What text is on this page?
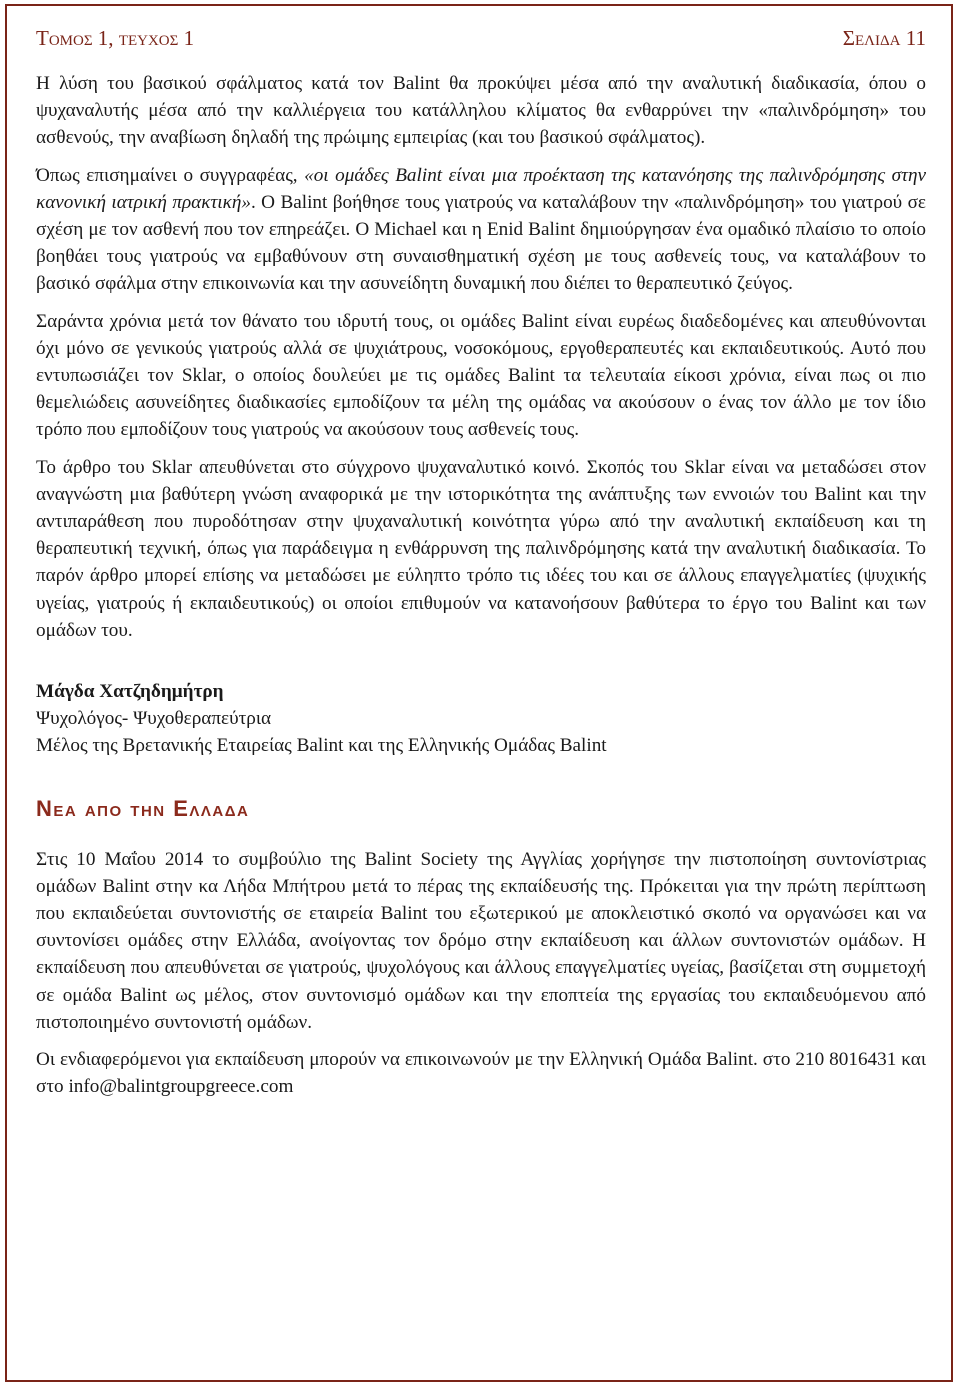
Τομος 1, τευχος 1	Σελιδα 11

Η λύση του βασικού σφάλματος κατά τον Balint θα προκύψει μέσα από την αναλυτική διαδικασία, όπου ο ψυχαναλυτής μέσα από την καλλιέργεια του κατάλληλου κλίματος θα ενθαρρύνει την «παλινδρόμηση» του ασθενούς, την αναβίωση δηλαδή της πρώιμης εμπειρίας (και του βασικού σφάλματος).

Όπως επισημαίνει ο συγγραφέας, «οι ομάδες Balint είναι μια προέκταση της κατανόησης της παλινδρόμησης στην κανονική ιατρική πρακτική». Ο Balint βοήθησε τους γιατρούς να καταλάβουν την «παλινδρόμηση» του γιατρού σε σχέση με τον ασθενή που τον επηρεάζει. Ο Michael και η Enid Balint δημιούργησαν ένα ομαδικό πλαίσιο το οποίο βοηθάει τους γιατρούς να εμβαθύνουν στη συναισθηματική σχέση με τους ασθενείς τους, να καταλάβουν το βασικό σφάλμα στην επικοινωνία και την ασυνείδητη δυναμική που διέπει το θεραπευτικό ζεύγος.

Σαράντα χρόνια μετά τον θάνατο του ιδρυτή τους, οι ομάδες Balint είναι ευρέως διαδεδομένες και απευθύνονται όχι μόνο σε γενικούς γιατρούς αλλά σε ψυχιάτρους, νοσοκόμους, εργοθεραπευτές και εκπαιδευτικούς. Αυτό που εντυπωσιάζει τον Sklar, ο οποίος δουλεύει με τις ομάδες Balint τα τελευταία είκοσι χρόνια, είναι πως οι πιο θεμελιώδεις ασυνείδητες διαδικασίες εμποδίζουν τα μέλη της ομάδας να ακούσουν ο ένας τον άλλο με τον ίδιο τρόπο που εμποδίζουν τους γιατρούς να ακούσουν τους ασθενείς τους.

Το άρθρο του Sklar απευθύνεται στο σύγχρονο ψυχαναλυτικό κοινό. Σκοπός του Sklar είναι να μεταδώσει στον αναγνώστη μια βαθύτερη γνώση αναφορικά με την ιστορικότητα της ανάπτυξης των εννοιών του Balint και την αντιπαράθεση που πυροδότησαν στην ψυχαναλυτική κοινότητα γύρω από την αναλυτική εκπαίδευση και τη θεραπευτική τεχνική, όπως για παράδειγμα η ενθάρρυνση της παλινδρόμησης κατά την αναλυτική διαδικασία. Το παρόν άρθρο μπορεί επίσης να μεταδώσει με εύληπτο τρόπο τις ιδέες του και σε άλλους επαγγελματίες (ψυχικής υγείας, γιατρούς ή εκπαιδευτικούς) οι οποίοι επιθυμούν να κατανοήσουν βαθύτερα το έργο του Balint και των ομάδων του.

Μάγδα Χατζηδημήτρη

Ψυχολόγος- Ψυχοθεραπεύτρια

Μέλος της Βρετανικής Εταιρείας Balint και της Ελληνικής Ομάδας Balint

Νεα απο την Ελλαδα

Στις 10 Μαΐου 2014 το συμβούλιο της Balint Society της Αγγλίας χορήγησε την πιστοποίηση συντονίστριας ομάδων Balint στην κα Λήδα Μπήτρου μετά το πέρας της εκπαίδευσής της. Πρόκειται για την πρώτη περίπτωση που εκπαιδεύεται συντονιστής σε εταιρεία Balint του εξωτερικού με αποκλειστικό σκοπό να οργανώσει και να συντονίσει ομάδες στην Ελλάδα, ανοίγοντας τον δρόμο στην εκπαίδευση και άλλων συντονιστών ομάδων. Η εκπαίδευση που απευθύνεται σε γιατρούς, ψυχολόγους και άλλους επαγγελματίες υγείας, βασίζεται στη συμμετοχή σε ομάδα Balint ως μέλος, στον συντονισμό ομάδων και την εποπτεία της εργασίας του εκπαιδευόμενου από πιστοποιημένο συντονιστή ομάδων.

Οι ενδιαφερόμενοι για εκπαίδευση μπορούν να επικοινωνούν με την Ελληνική Ομάδα Balint. στο 210 8016431 και στο info@balintgroupgreece.com
